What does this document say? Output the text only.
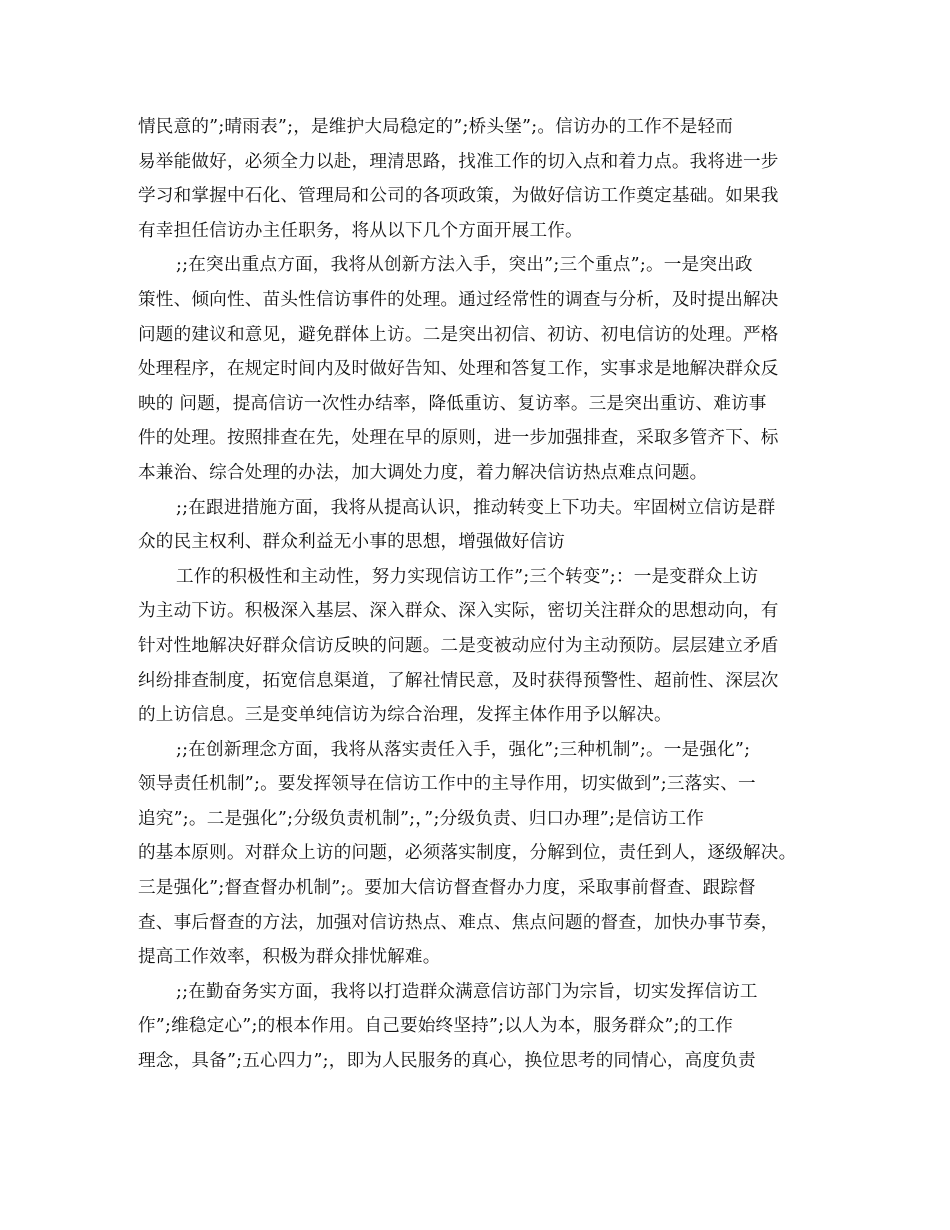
情民意的”;晴雨表”;，是维护大局稳定的”;桥头堡”;。信访办的工作不是轻而
易举能做好，必须全力以赴，理清思路，找准工作的切入点和着力点。我将进一步
学习和掌握中石化、管理局和公司的各项政策，为做好信访工作奠定基础。如果我
有幸担任信访办主任职务，将从以下几个方面开展工作。

;;在突出重点方面，我将从创新方法入手，突出”;三个重点”;。一是突出政
策性、倾向性、苗头性信访事件的处理。通过经常性的调查与分析，及时提出解决
问题的建议和意见，避免群体上访。二是突出初信、初访、初电信访的处理。严格
处理程序，在规定时间内及时做好告知、处理和答复工作，实事求是地解决群众反
映的 问题，提高信访一次性办结率，降低重访、复访率。三是突出重访、难访事
件的处理。按照排查在先，处理在早的原则，进一步加强排查，采取多管齐下、标
本兼治、综合处理的办法，加大调处力度，着力解决信访热点难点问题。

;;在跟进措施方面，我将从提高认识，推动转变上下功夫。牢固树立信访是群
众的民主权利、群众利益无小事的思想，增强做好信访

工作的积极性和主动性，努力实现信访工作”;三个转变”;：一是变群众上访
为主动下访。积极深入基层、深入群众、深入实际，密切关注群众的思想动向，有
针对性地解决好群众信访反映的问题。二是变被动应付为主动预防。层层建立矛盾
纠纷排查制度，拓宽信息渠道，了解社情民意，及时获得预警性、超前性、深层次
的上访信息。三是变单纯信访为综合治理，发挥主体作用予以解决。

;;在创新理念方面，我将从落实责任入手，强化”;三种机制”;。一是强化”;
领导责任机制”;。要发挥领导在信访工作中的主导作用，切实做到”;三落实、一
追究”;。二是强化”;分级负责机制”;，”;分级负责、归口办理”;是信访工作
的基本原则。对群众上访的问题，必须落实制度，分解到位，责任到人，逐级解决。
三是强化”;督查督办机制”;。要加大信访督查督办力度，采取事前督查、跟踪督
查、事后督查的方法，加强对信访热点、难点、焦点问题的督查，加快办事节奏，
提高工作效率，积极为群众排忧解难。

;;在勤奋务实方面，我将以打造群众满意信访部门为宗旨，切实发挥信访工
作”;维稳定心”;的根本作用。自己要始终坚持”;以人为本，服务群众”;的工作
理念，具备”;五心四力”;，即为人民服务的真心，换位思考的同情心，高度负责
